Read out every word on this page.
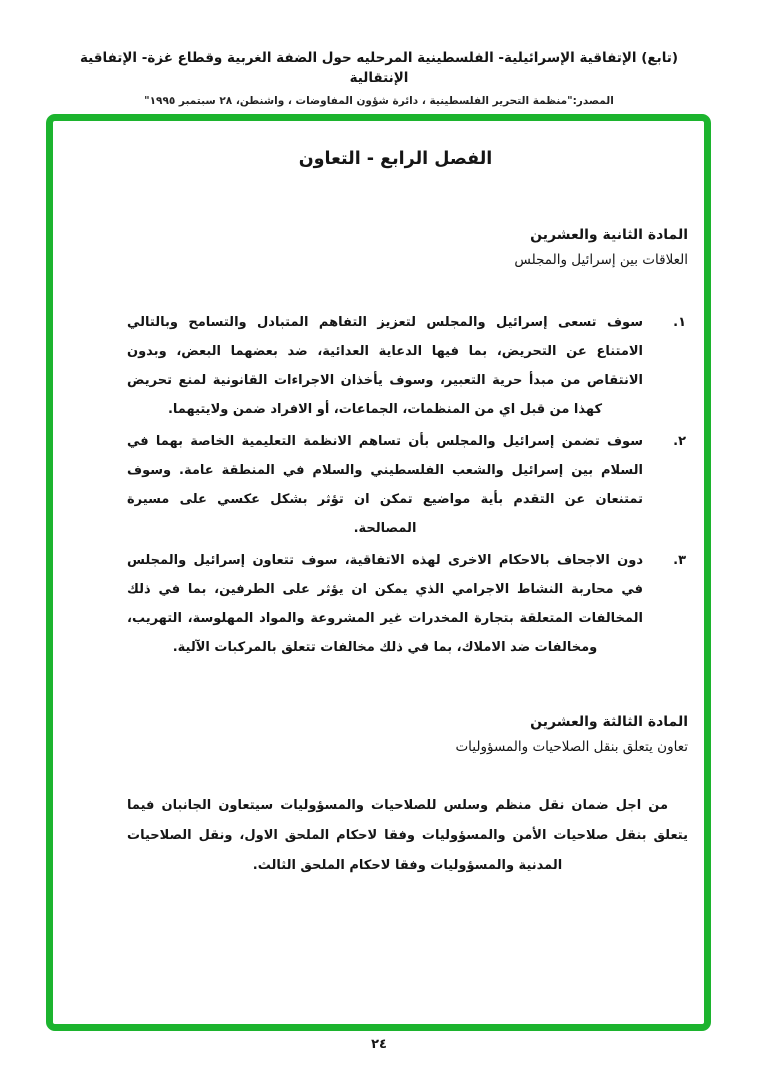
(تابع) الإتفاقية الإسرائيلية- الفلسطينية المرحليه حول الضفة الغربية وقطاع غزة- الإتفاقية الإنتقالية
المصدر:"منظمة التحرير الفلسطينية ، دائرة شؤون المفاوضات ، واشنطن، ٢٨ سبتمبر ١٩٩٥"
الفصل الرابع - التعاون
المادة الثانية والعشرين
العلاقات بين إسرائيل والمجلس
١.
سوف تسعى إسرائيل والمجلس لتعزيز التفاهم المتبادل والتسامح وبالتالي الامتناع عن التحريض، بما فيها الدعاية العدائية، ضد بعضهما البعض، وبدون الانتقاص من مبدأ حرية التعبير، وسوف يأخذان الاجراءات القانونية لمنع تحريض كهذا من قبل اي من المنظمات، الجماعات، أو الافراد ضمن ولايتيهما.
٢.
سوف تضمن إسرائيل والمجلس بأن تساهم الانظمة التعليمية الخاصة بهما في السلام بين إسرائيل والشعب الفلسطيني والسلام في المنطقة عامة. وسوف تمتنعان عن التقدم بأية مواضيع تمكن ان تؤثر بشكل عكسي على مسيرة المصالحة.
٣.
دون الاجحاف بالاحكام الاخرى لهذه الاتفاقية، سوف تتعاون إسرائيل والمجلس في محاربة النشاط الاجرامي الذي يمكن ان يؤثر على الطرفين، بما في ذلك المخالفات المتعلقة بتجارة المخدرات غير المشروعة والمواد المهلوسة، التهريب، ومخالفات ضد الاملاك، بما في ذلك مخالفات تتعلق بالمركبات الآلية.
المادة الثالثة والعشرين
تعاون يتعلق بنقل الصلاحيات والمسؤوليات
من اجل ضمان نقل منظم وسلس للصلاحيات والمسؤوليات سيتعاون الجانبان فيما يتعلق بنقل صلاحيات الأمن والمسؤوليات وفقا لاحكام الملحق الاول، ونقل الصلاحيات المدنية والمسؤوليات وفقا لاحكام الملحق الثالث.
٢٤
